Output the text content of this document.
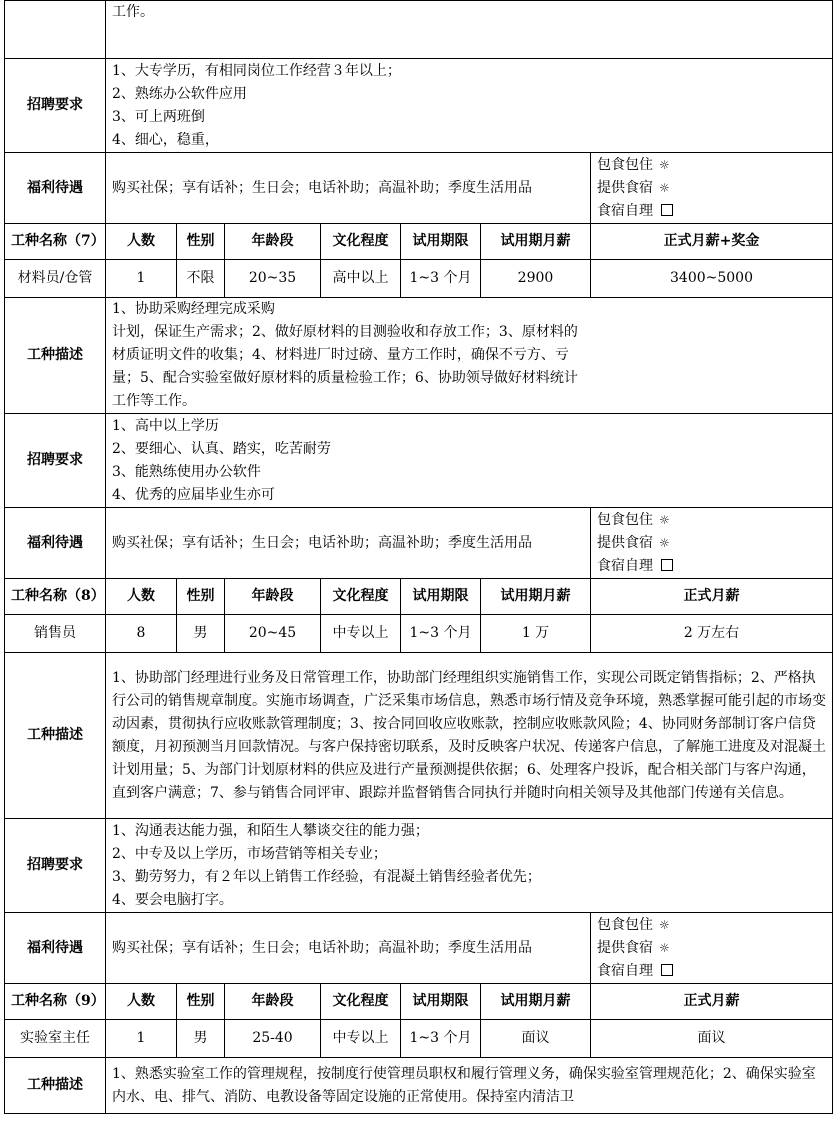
	工作。						
招聘要求	1、大专学历，有相同岗位工作经营３年以上；
2、熟练办公软件应用
3、可上两班倒
4、细心，稳重，						

福利待遇	购买社保；享有话补；生日会；电话补助；高温补助；季度生活用品						包食包住 ☼
提供食宿 ☼
食宿自理

工种名称（7）	人数	性别	年龄段	文化程度	试用期限	试用期月薪	正式月薪+奖金
材料员/仓管	1	不限	20~35	高中以上	1~3 个月	2900	3400~5000
工种描述	1、协助采购经理完成采购
计划，保证生产需求；2、做好原材料的目测验收和存放工作；3、原材料的
材质证明文件的收集；4、材料进厂时过磅、量方工作时，确保不亏方、亏
量；5、配合实验室做好原材料的质量检验工作；6、协助领导做好材料统计
工作等工作。						

招聘要求	1、高中以上学历
2、要细心、认真、踏实，吃苦耐劳
3、能熟练使用办公软件
4、优秀的应届毕业生亦可						

福利待遇	购买社保；享有话补；生日会；电话补助；高温补助；季度生活用品						包食包住 ☼
提供食宿 ☼
食宿自理

工种名称（8）	人数	性别	年龄段	文化程度	试用期限	试用期月薪	正式月薪
销售员	8	男	20~45	中专以上	1~3 个月	1 万	2 万左右
工种描述	1、协助部门经理进行业务及日常管理工作，协助部门经理组织实施销售工作，实现公司既定销售指标；2、严格执行公司的销售规章制度。实施市场调查，广泛采集市场信息，熟悉市场行情及竞争环境，熟悉掌握可能引起的市场变动因素，贯彻执行应收账款管理制度；3、按合同回收应收账款，控制应收账款风险；4、协同财务部制订客户信贷额度，月初预测当月回款情况。与客户保持密切联系，及时反映客户状况、传递客户信息，了解施工进度及对混凝土计划用量；5、为部门计划原材料的供应及进行产量预测提供依据；6、处理客户投诉，配合相关部门与客户沟通，直到客户满意；7、参与销售合同评审、跟踪并监督销售合同执行并随时向相关领导及其他部门传递有关信息。						

招聘要求	1、沟通表达能力强，和陌生人攀谈交往的能力强；
2、中专及以上学历，市场营销等相关专业；
3、勤劳努力，有２年以上销售工作经验，有混凝土销售经验者优先；
4、要会电脑打字。						

福利待遇	购买社保；享有话补；生日会；电话补助；高温补助；季度生活用品						包食包住 ☼
提供食宿 ☼
食宿自理

工种名称（9）	人数	性别	年龄段	文化程度	试用期限	试用期月薪	正式月薪
实验室主任	1	男	25-40	中专以上	1~3 个月	面议	面议
工种描述	1、熟悉实验室工作的管理规程，按制度行使管理员职权和履行管理义务，确保实验室管理规范化；2、确保实验室内水、电、排气、消防、电教设备等固定设施的正常使用。保持室内清洁卫						
